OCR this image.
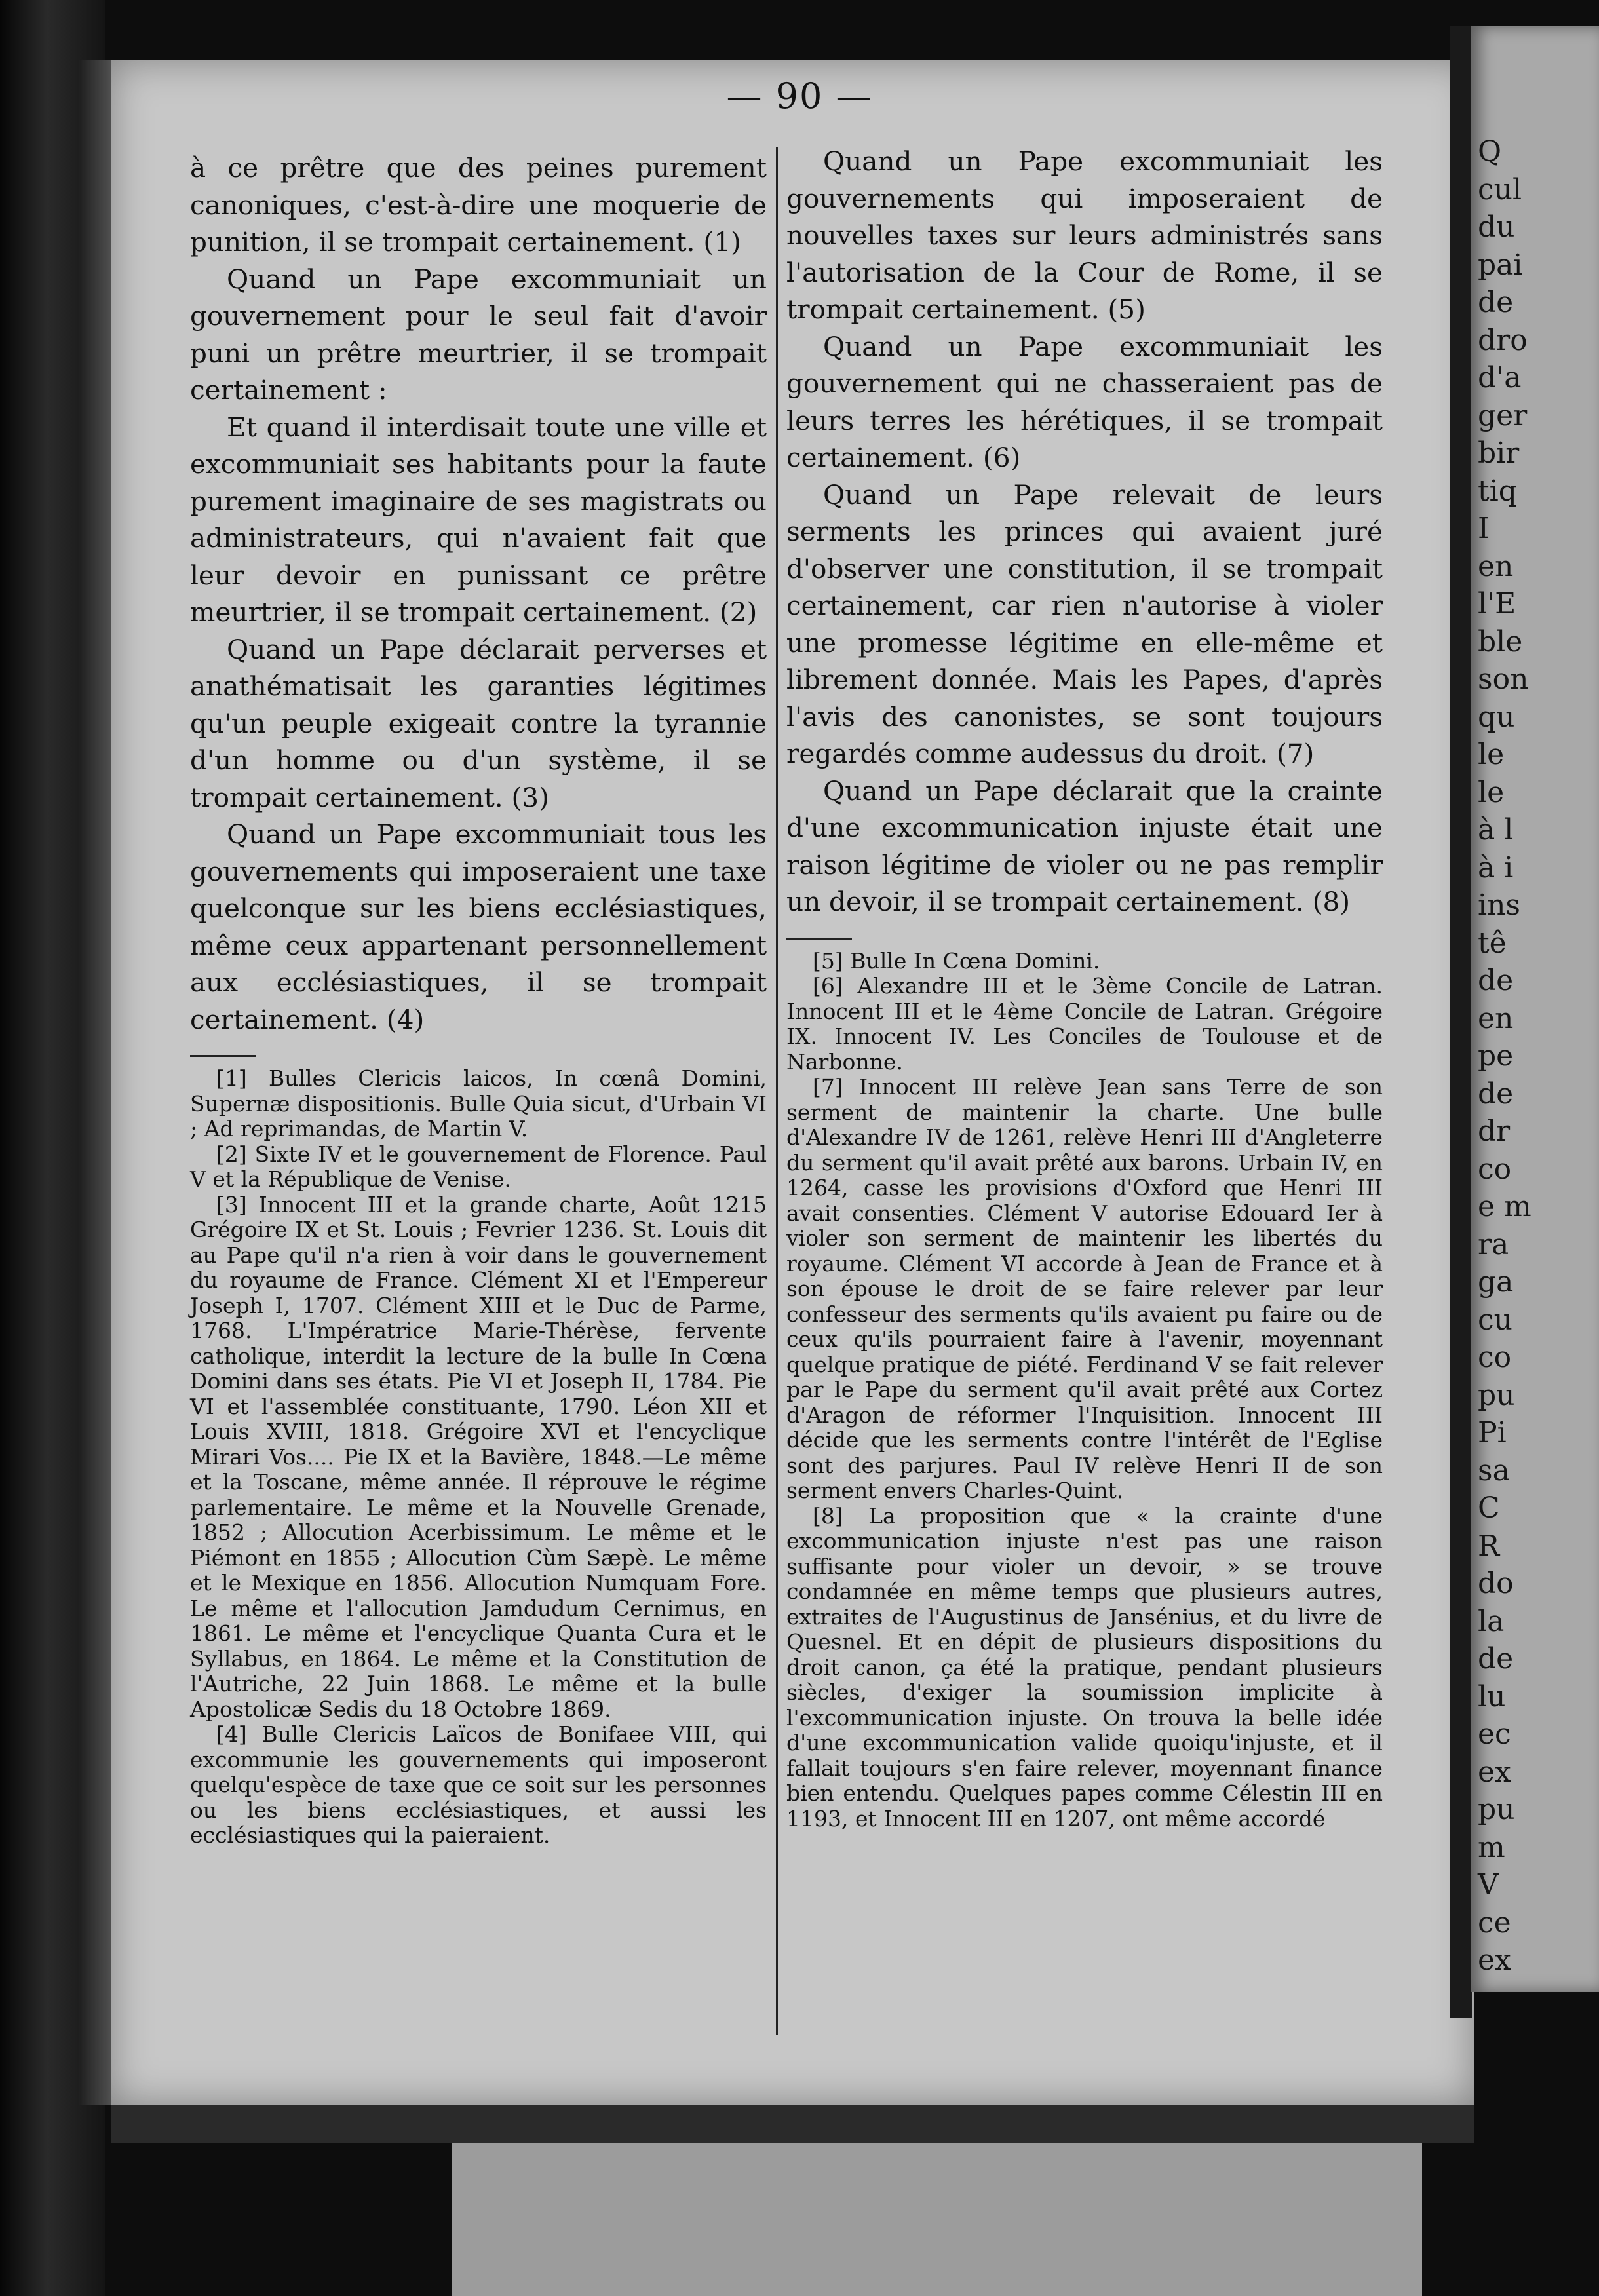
Q
cul
du
pai
de
dro
d'a
ger
bir
tiq
I
en
l'E
ble
son
qu
le
le
à l
à i
ins
tê
de
en
pe
de
dr
co
e m
ra
ga
cu
co
pu
Pi
sa
C
R
do
la
de
lu
ec
ex
pu
m
V
ce
ex
— 90 —

à ce prêtre que des peines purement canoniques, c'est-à-dire une moquerie de punition, il se trompait certainement. (1)

Quand un Pape excommuniait un gouvernement pour le seul fait d'avoir puni un prêtre meurtrier, il se trompait certainement :

Et quand il interdisait toute une ville et excommuniait ses habitants pour la faute purement imaginaire de ses magistrats ou administrateurs, qui n'avaient fait que leur devoir en punissant ce prêtre meurtrier, il se trompait certainement. (2)

Quand un Pape déclarait perverses et anathématisait les garanties légitimes qu'un peuple exigeait contre la tyrannie d'un homme ou d'un système, il se trompait certainement. (3)

Quand un Pape excommuniait tous les gouvernements qui imposeraient une taxe quelconque sur les biens ecclésiastiques, même ceux appartenant personnellement aux ecclésiastiques, il se trompait certainement. (4)

[1] Bulles Clericis laicos, In cœnâ Domini, Supernæ dispositionis. Bulle Quia sicut, d'Urbain VI ; Ad reprimandas, de Martin V.

[2] Sixte IV et le gouvernement de Florence. Paul V et la République de Venise.

[3] Innocent III et la grande charte, Août 1215 Grégoire IX et St. Louis ; Fevrier 1236. St. Louis dit au Pape qu'il n'a rien à voir dans le gouvernement du royaume de France. Clément XI et l'Empereur Joseph I, 1707. Clément XIII et le Duc de Parme, 1768. L'Impératrice Marie-Thérèse, fervente catholique, interdit la lecture de la bulle In Cœna Domini dans ses états. Pie VI et Joseph II, 1784. Pie VI et l'assemblée constituante, 1790. Léon XII et Louis XVIII, 1818. Grégoire XVI et l'encyclique Mirari Vos.... Pie IX et la Bavière, 1848.—Le même et la Toscane, même année. Il réprouve le régime parlementaire. Le même et la Nouvelle Grenade, 1852 ; Allocution Acerbissimum. Le même et le Piémont en 1855 ; Allocution Cùm Sæpè. Le même et le Mexique en 1856. Allocution Numquam Fore. Le même et l'allocution Jamdudum Cernimus, en 1861. Le même et l'encyclique Quanta Cura et le Syllabus, en 1864. Le même et la Constitution de l'Autriche, 22 Juin 1868. Le même et la bulle Apostolicæ Sedis du 18 Octobre 1869.

[4] Bulle Clericis Laïcos de Bonifaee VIII, qui excommunie les gouvernements qui imposeront quelqu'espèce de taxe que ce soit sur les personnes ou les biens ecclésiastiques, et aussi les ecclésiastiques qui la paieraient.

Quand un Pape excommuniait les gouvernements qui imposeraient de nouvelles taxes sur leurs administrés sans l'autorisation de la Cour de Rome, il se trompait certainement. (5)

Quand un Pape excommuniait les gouvernement qui ne chasseraient pas de leurs terres les hérétiques, il se trompait certainement. (6)

Quand un Pape relevait de leurs serments les princes qui avaient juré d'observer une constitution, il se trompait certainement, car rien n'autorise à violer une promesse légitime en elle-même et librement donnée. Mais les Papes, d'après l'avis des canonistes, se sont toujours regardés comme audessus du droit. (7)

Quand un Pape déclarait que la crainte d'une excommunication injuste était une raison légitime de violer ou ne pas remplir un devoir, il se trompait certainement. (8)

[5] Bulle In Cœna Domini.

[6] Alexandre III et le 3ème Concile de Latran. Innocent III et le 4ème Concile de Latran. Grégoire IX. Innocent IV. Les Conciles de Toulouse et de Narbonne.

[7] Innocent III relève Jean sans Terre de son serment de maintenir la charte. Une bulle d'Alexandre IV de 1261, relève Henri III d'Angleterre du serment qu'il avait prêté aux barons. Urbain IV, en 1264, casse les provisions d'Oxford que Henri III avait consenties. Clément V autorise Edouard Ier à violer son serment de maintenir les libertés du royaume. Clément VI accorde à Jean de France et à son épouse le droit de se faire relever par leur confesseur des serments qu'ils avaient pu faire ou de ceux qu'ils pourraient faire à l'avenir, moyennant quelque pratique de piété. Ferdinand V se fait relever par le Pape du serment qu'il avait prêté aux Cortez d'Aragon de réformer l'Inquisition. Innocent III décide que les serments contre l'intérêt de l'Eglise sont des parjures. Paul IV relève Henri II de son serment envers Charles-Quint.

[8] La proposition que « la crainte d'une excommunication injuste n'est pas une raison suffisante pour violer un devoir, » se trouve condamnée en même temps que plusieurs autres, extraites de l'Augustinus de Jansénius, et du livre de Quesnel. Et en dépit de plusieurs dispositions du droit canon, ça été la pratique, pendant plusieurs siècles, d'exiger la soumission implicite à l'excommunication injuste. On trouva la belle idée d'une excommunication valide quoiqu'injuste, et il fallait toujours s'en faire relever, moyennant finance bien entendu. Quelques papes comme Célestin III en 1193, et Innocent III en 1207, ont même accordé
